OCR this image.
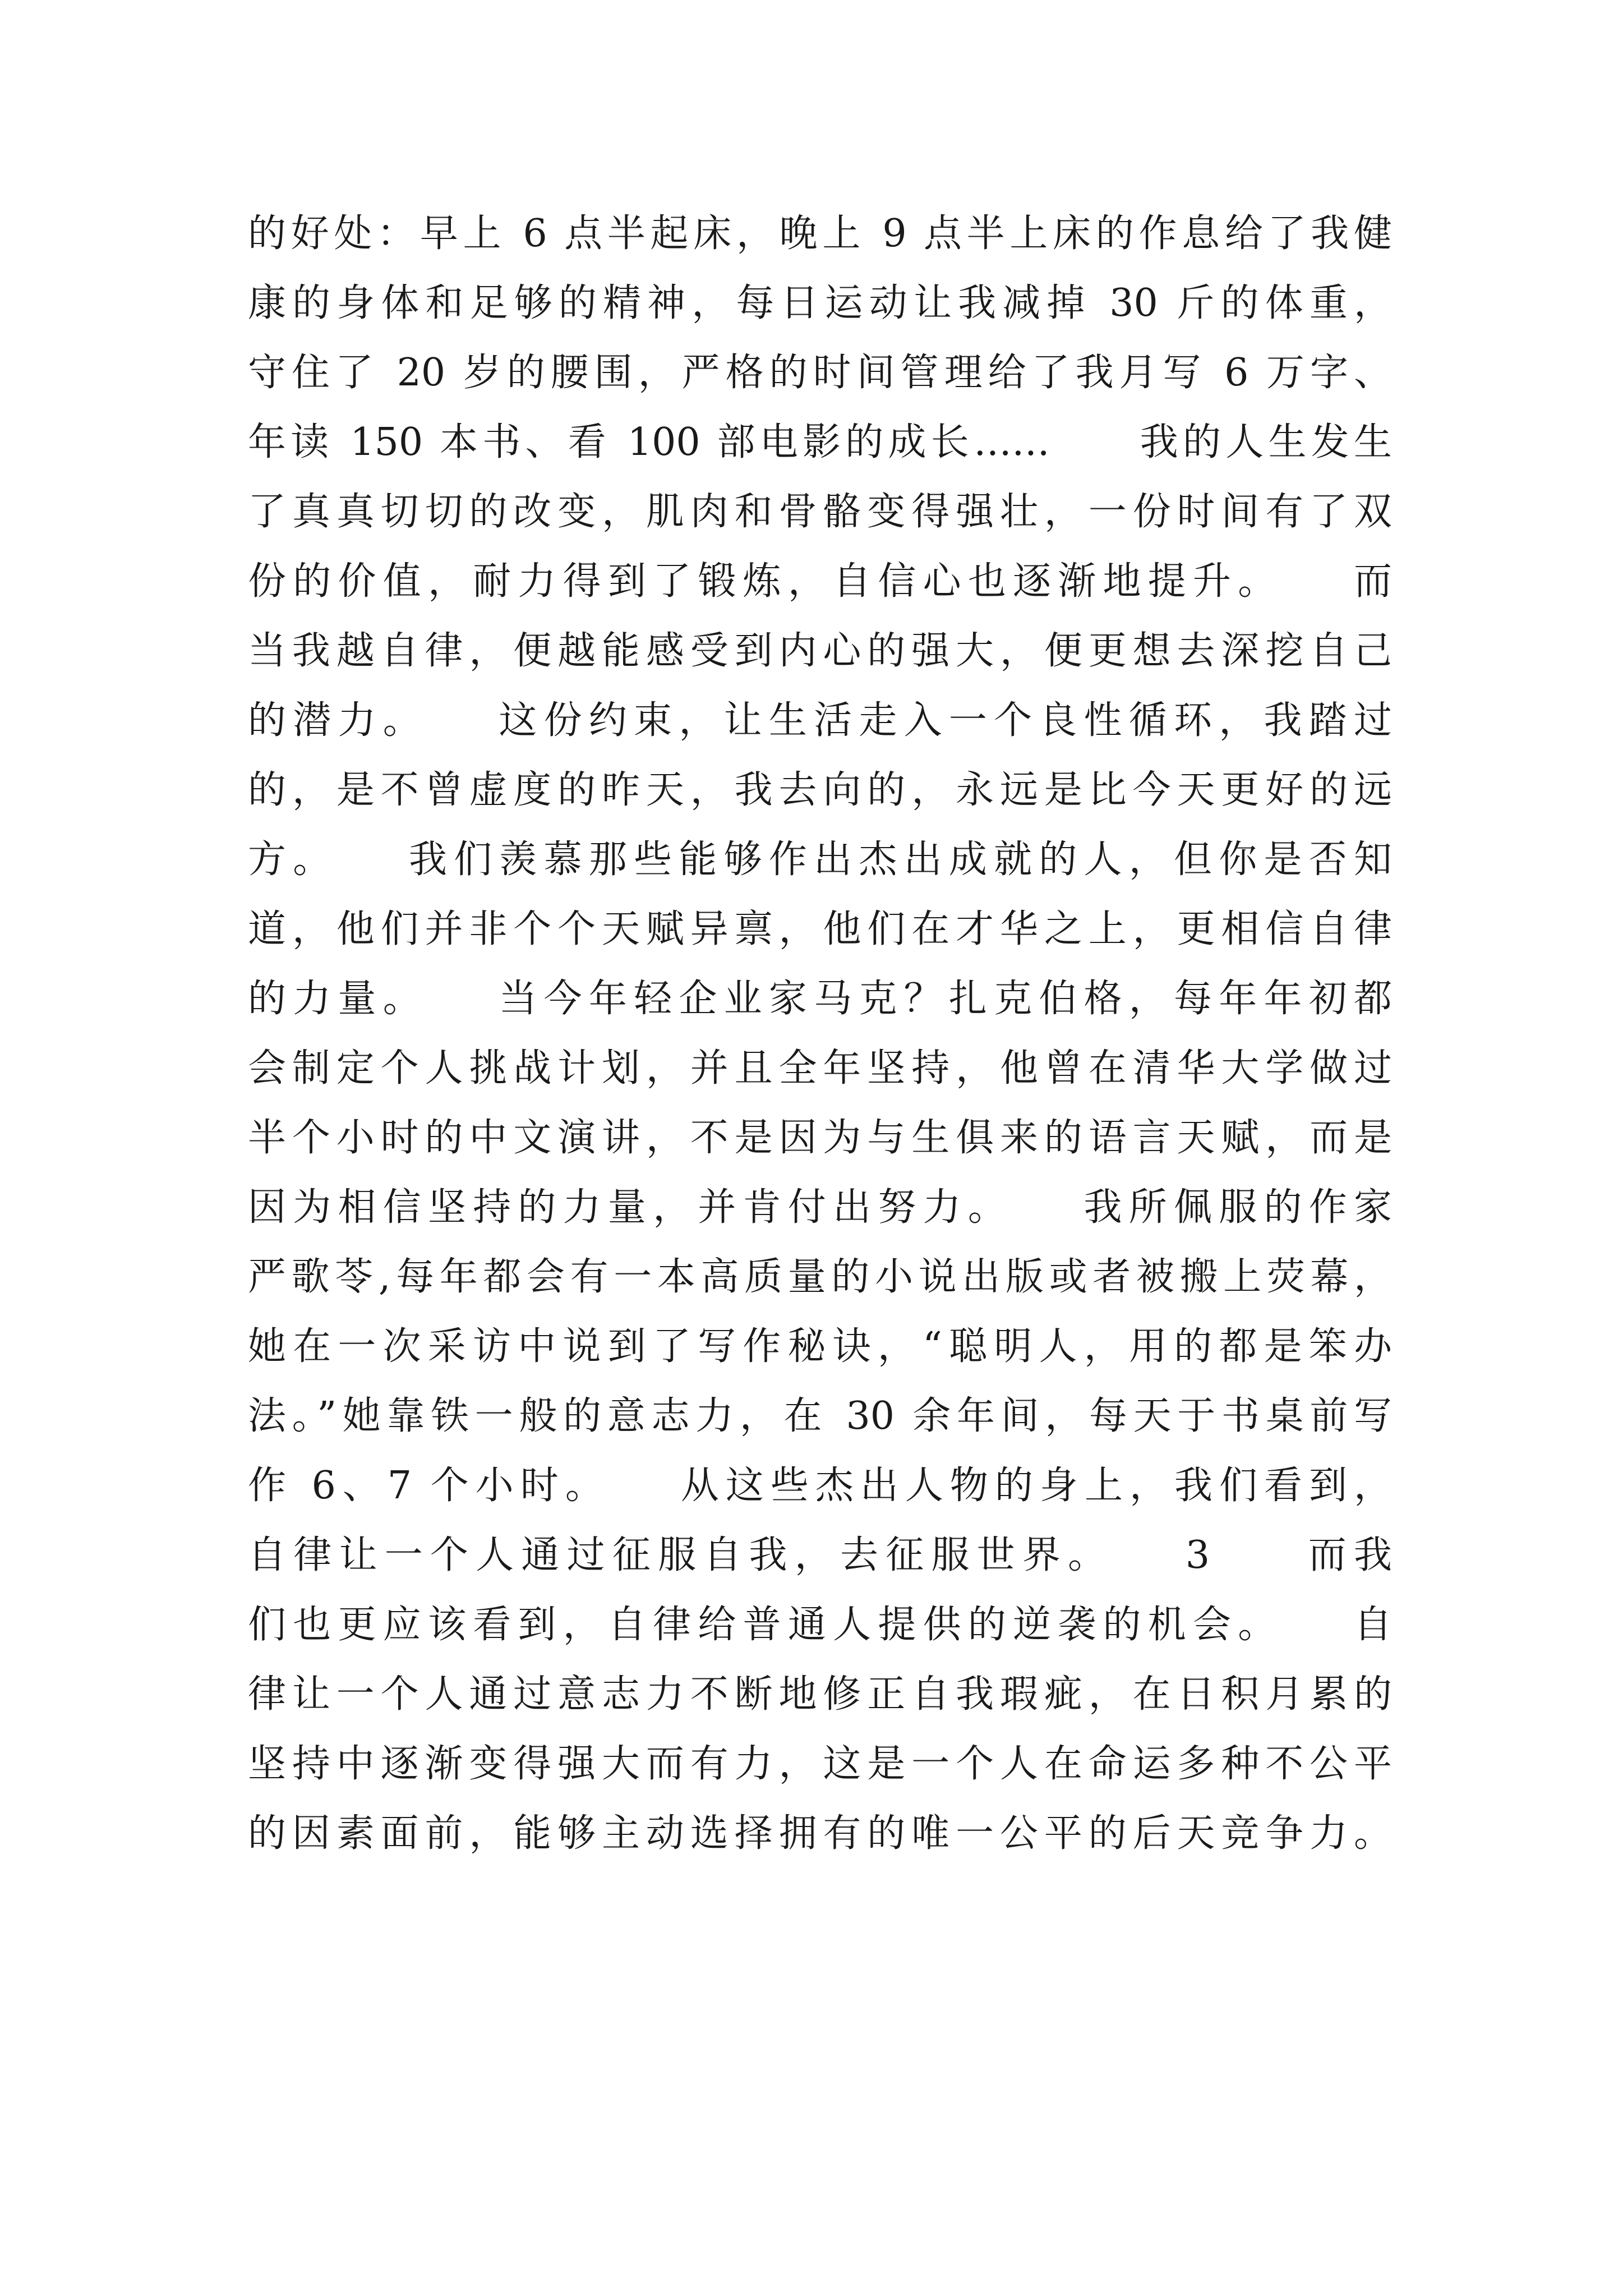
的好处：早上 6 点半起床，晚上 9 点半上床的作息给了我健
康的身体和足够的精神，每日运动让我减掉 30 斤的体重，
守住了 20 岁的腰围，严格的时间管理给了我月写 6 万字、
年读 150 本书、看 100 部电影的成长……　　我的人生发生
了真真切切的改变，肌肉和骨骼变得强壮，一份时间有了双
份的价值，耐力得到了锻炼，自信心也逐渐地提升。　　而
当我越自律，便越能感受到内心的强大，便更想去深挖自己
的潜力。　　这份约束，让生活走入一个良性循环，我踏过
的，是不曾虚度的昨天，我去向的，永远是比今天更好的远
方。　　我们羡慕那些能够作出杰出成就的人，但你是否知
道，他们并非个个天赋异禀，他们在才华之上，更相信自律
的力量。　　当今年轻企业家马克？扎克伯格，每年年初都
会制定个人挑战计划，并且全年坚持，他曾在清华大学做过
半个小时的中文演讲，不是因为与生俱来的语言天赋，而是
因为相信坚持的力量，并肯付出努力。　　我所佩服的作家
严歌苓,每年都会有一本高质量的小说出版或者被搬上荧幕，
她在一次采访中说到了写作秘诀，“聪明人，用的都是笨办
法。”她靠铁一般的意志力，在 30 余年间，每天于书桌前写
作 6、7 个小时。　　从这些杰出人物的身上，我们看到，
自律让一个人通过征服自我，去征服世界。　　3　　而我
们也更应该看到，自律给普通人提供的逆袭的机会。　　自
律让一个人通过意志力不断地修正自我瑕疵，在日积月累的
坚持中逐渐变得强大而有力，这是一个人在命运多种不公平
的因素面前，能够主动选择拥有的唯一公平的后天竞争力。
